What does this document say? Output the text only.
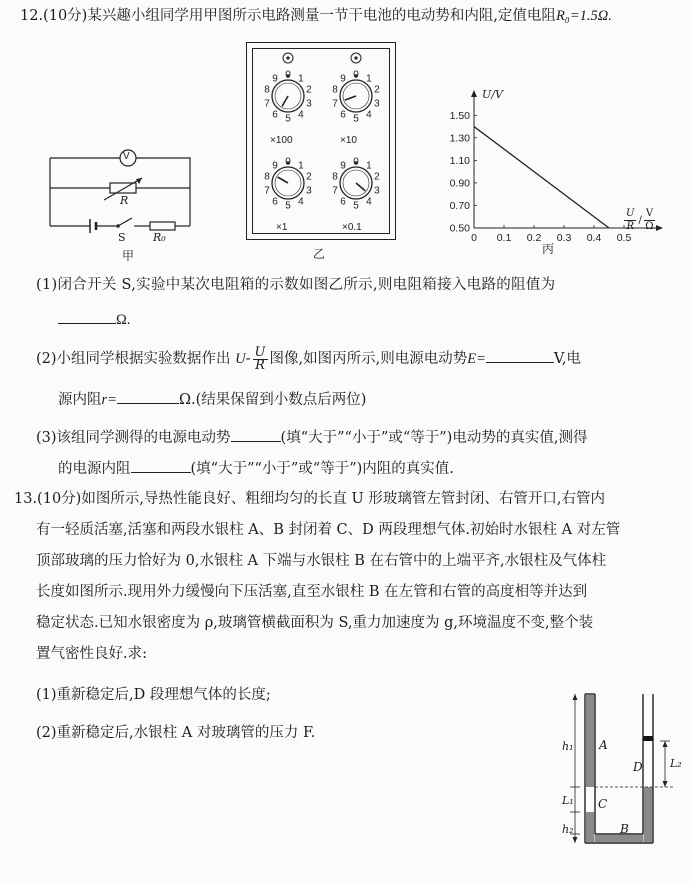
12.(10分)某兴趣小组同学用甲图所示电路测量一节干电池的电动势和内阻,定值电阻R₀=1.5Ω.
V
R
S R₀
甲
0 1
2
3
4
5
6
7
8
9	0 1
2
3
4
5
6
7
8
9
0 1
2
3
4
5
6
7
8
9	0 1
2
3
4
5
6
7
8
9
×100	×10
×1	×0.1
乙
0.50
0.70
0.90
1.10
1.30
1.50
0 0.1 0.2 0.3 0.4 0.5
U/V
$\frac{U}{R} / \frac{V}{\Omega}$
丙
(1)闭合开关 S,实验中某次电阻箱的示数如图乙所示,则电阻箱接入电路的阻值为
Ω.
(2)小组同学根据实验数据作出 $U- \frac{U}{R}$ 图像,如图丙所示,则电源电动势E=	V,电
源内阻r=	Ω.(结果保留到小数点后两位)
(3)该组同学测得的电源电动势	(填“大于”“小于”或“等于”)电动势的真实值,测得
的电源内阻	(填“大于”“小于”或“等于”)内阻的真实值.
13.(10分)如图所示,导热性能良好、粗细均匀的长直 U 形玻璃管左管封闭、右管开口,右管内
有一轻质活塞,活塞和两段水银柱 A、B 封闭着 C、D 两段理想气体.初始时水银柱 A 对左管
顶部玻璃的压力恰好为 0,水银柱 A 下端与水银柱 B 在右管中的上端平齐,水银柱及气体柱
长度如图所示.现用外力缓慢向下压活塞,直至水银柱 B 在左管和右管的高度相等并达到
稳定状态.已知水银密度为 ρ,玻璃管横截面积为 S,重力加速度为 g,环境温度不变,整个装
置气密性良好.求:
(1)重新稳定后,D 段理想气体的长度;
(2)重新稳定后,水银柱 A 对玻璃管的压力 F.
h₁
L₁
h₂
L₂
A
C
D
B
